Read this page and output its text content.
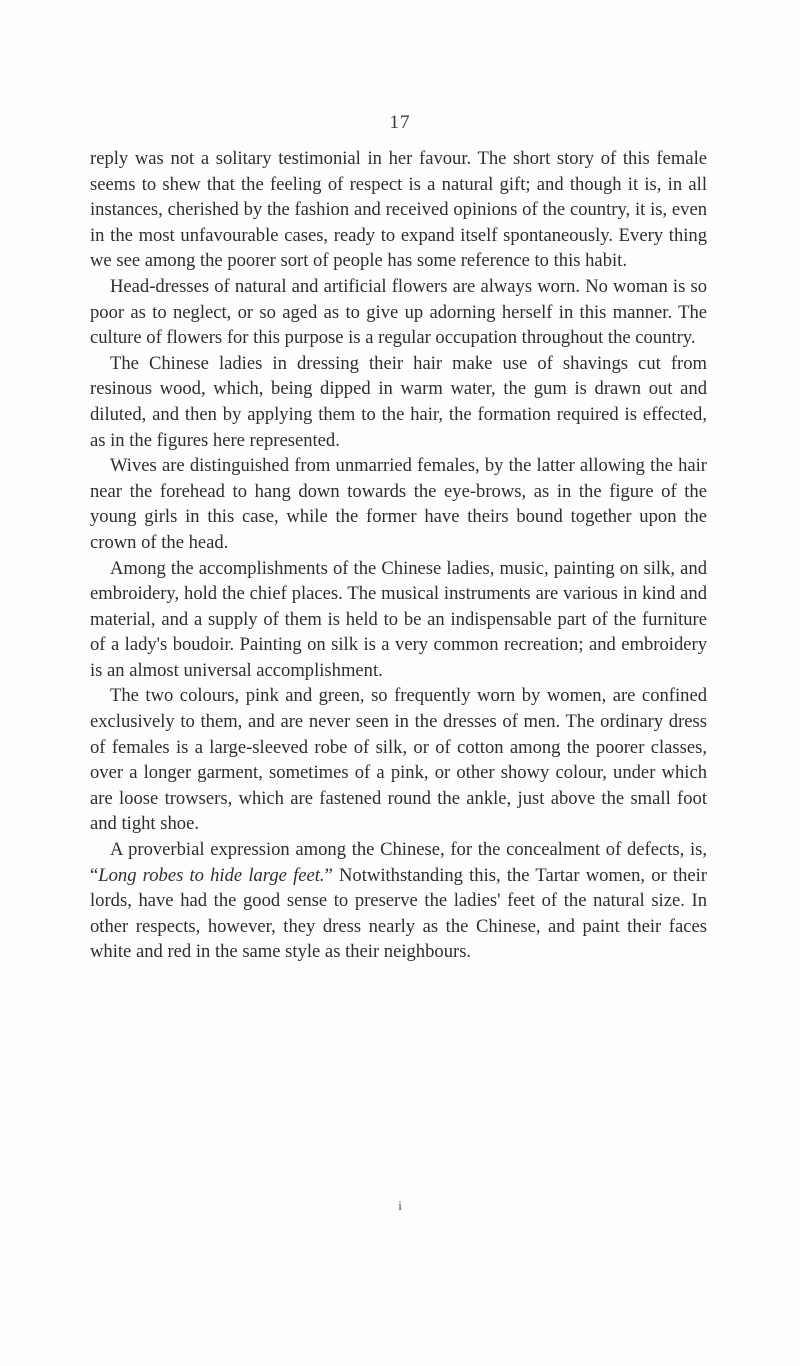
17

reply was not a solitary testimonial in her favour. The short story of this female seems to shew that the feeling of respect is a natural gift; and though it is, in all instances, cherished by the fashion and received opinions of the country, it is, even in the most unfavourable cases, ready to expand itself spontaneously. Every thing we see among the poorer sort of people has some reference to this habit.

Head-dresses of natural and artificial flowers are always worn. No woman is so poor as to neglect, or so aged as to give up adorning herself in this manner. The culture of flowers for this purpose is a regular occupation throughout the country.

The Chinese ladies in dressing their hair make use of shavings cut from resinous wood, which, being dipped in warm water, the gum is drawn out and diluted, and then by applying them to the hair, the formation required is effected, as in the figures here represented.

Wives are distinguished from unmarried females, by the latter allowing the hair near the forehead to hang down towards the eye-brows, as in the figure of the young girls in this case, while the former have theirs bound together upon the crown of the head.

Among the accomplishments of the Chinese ladies, music, painting on silk, and embroidery, hold the chief places. The musical instruments are various in kind and material, and a supply of them is held to be an indispensable part of the furniture of a lady's boudoir. Painting on silk is a very common recreation; and embroidery is an almost universal accomplishment.

The two colours, pink and green, so frequently worn by women, are confined exclusively to them, and are never seen in the dresses of men. The ordinary dress of females is a large-sleeved robe of silk, or of cotton among the poorer classes, over a longer garment, sometimes of a pink, or other showy colour, under which are loose trowsers, which are fastened round the ankle, just above the small foot and tight shoe.

A proverbial expression among the Chinese, for the concealment of defects, is, “Long robes to hide large feet.” Notwithstanding this, the Tartar women, or their lords, have had the good sense to preserve the ladies' feet of the natural size. In other respects, however, they dress nearly as the Chinese, and paint their faces white and red in the same style as their neighbours.

i
